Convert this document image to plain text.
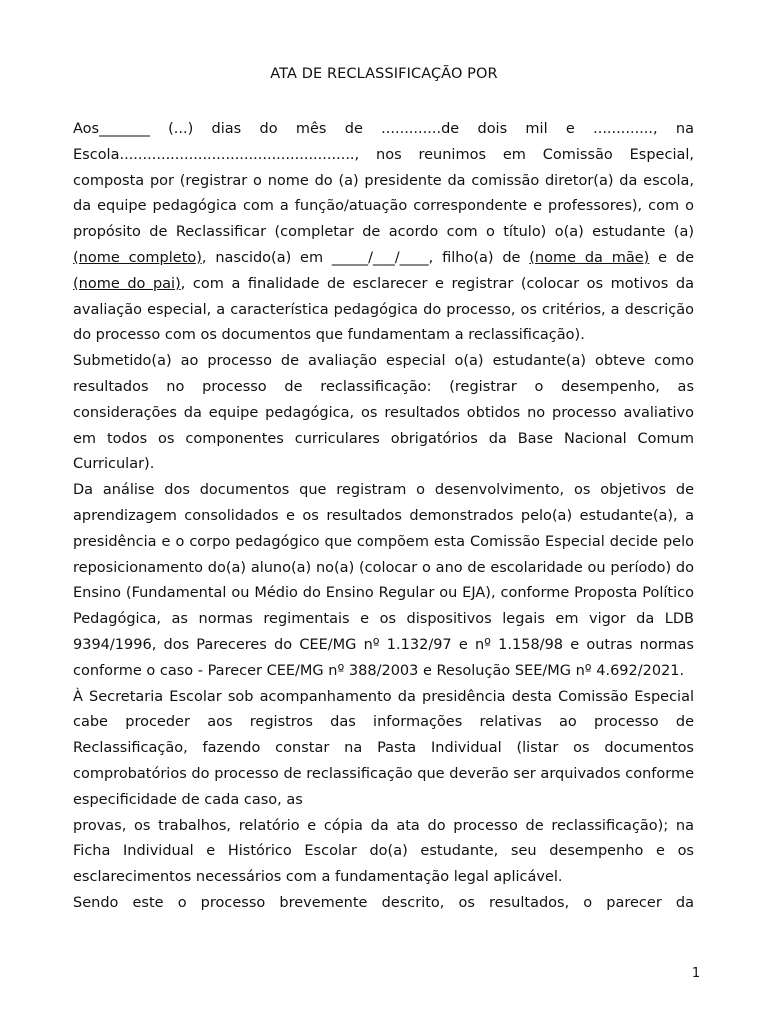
ATA DE RECLASSIFICAÇÃO POR

Aos_______ (...) dias do mês de .............de dois mil e ............., na Escola..................................................., nos reunimos em Comissão Especial, composta por (registrar o nome do (a) presidente da comissão diretor(a) da escola, da equipe pedagógica com a função/atuação correspondente e professores), com o propósito de Reclassificar (completar de acordo com o título) o(a) estudante (a) (nome completo), nascido(a) em _____/___/____, filho(a) de (nome da mãe) e de (nome do pai), com a finalidade de esclarecer e registrar (colocar os motivos da avaliação especial, a característica pedagógica do processo, os critérios, a descrição do processo com os documentos que fundamentam a reclassificação).

Submetido(a) ao processo de avaliação especial o(a) estudante(a) obteve como resultados no processo de reclassificação: (registrar o desempenho, as considerações da equipe pedagógica, os resultados obtidos no processo avaliativo em todos os componentes curriculares obrigatórios da Base Nacional Comum Curricular).

Da análise dos documentos que registram o desenvolvimento, os objetivos de aprendizagem consolidados e os resultados demonstrados pelo(a) estudante(a), a presidência e o corpo pedagógico que compõem esta Comissão Especial decide pelo reposicionamento do(a) aluno(a) no(a) (colocar o ano de escolaridade ou período) do Ensino (Fundamental ou Médio do Ensino Regular ou EJA), conforme Proposta Político Pedagógica, as normas regimentais e os dispositivos legais em vigor da LDB 9394/1996, dos Pareceres do CEE/MG nº 1.132/97 e nº 1.158/98 e outras normas conforme o caso - Parecer CEE/MG nº 388/2003 e Resolução SEE/MG nº 4.692/2021.

À Secretaria Escolar sob acompanhamento da presidência desta Comissão Especial cabe proceder aos registros das informações relativas ao processo de Reclassificação, fazendo constar na Pasta Individual (listar os documentos comprobatórios do processo de reclassificação que deverão ser arquivados conforme especificidade de cada caso, as

provas, os trabalhos, relatório e cópia da ata do processo de reclassificação); na Ficha Individual e Histórico Escolar do(a) estudante, seu desempenho e os esclarecimentos necessários com a fundamentação legal aplicável.

Sendo este o processo brevemente descrito, os resultados, o parecer da

1
